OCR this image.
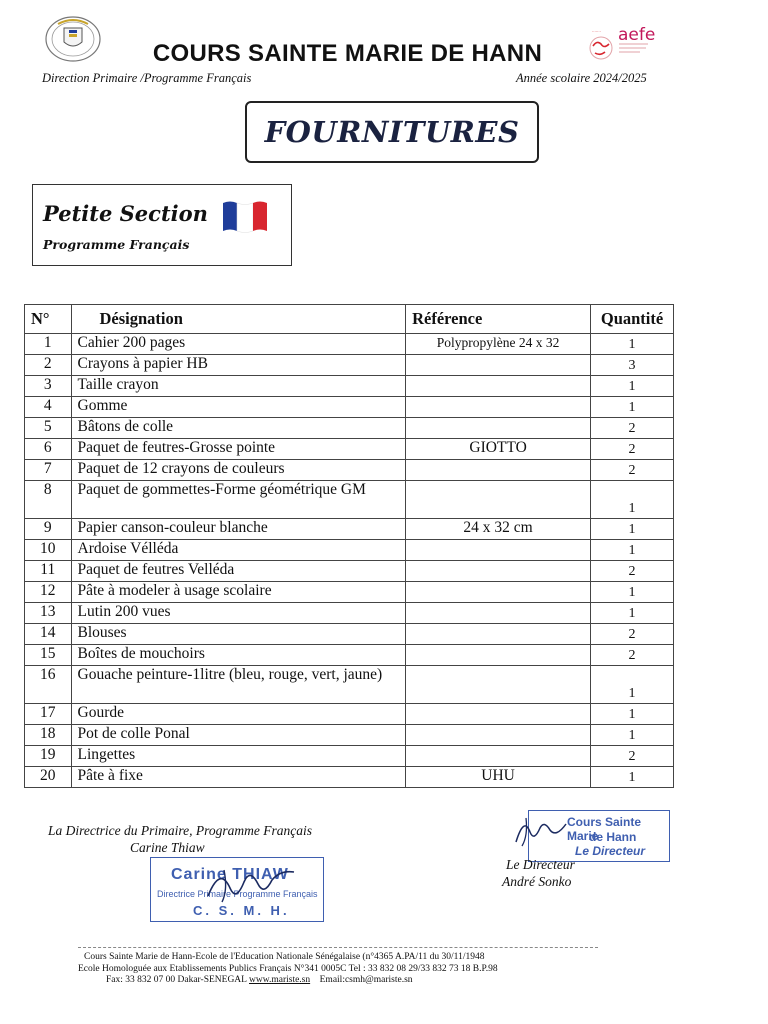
COURS SAINTE MARIE DE HANN
Direction Primaire /Programme Français	Année scolaire 2024/2025
....... aefe
FOURNITURES
Petite Section
Programme Français
N°	Désignation	Référence	Quantité
1	Cahier 200 pages	Polypropylène 24 x 32	1
2	Crayons à papier HB		3
3	Taille crayon		1
4	Gomme		1
5	Bâtons de colle		2
6	Paquet de feutres-Grosse pointe	GIOTTO	2
7	Paquet de 12 crayons de couleurs		2
8	Paquet de gommettes-Forme géométrique GM		1
9	Papier canson-couleur blanche	24 x 32 cm	1
10	Ardoise Vélléda		1
11	Paquet de feutres Velléda		2
12	Pâte à modeler à usage scolaire		1
13	Lutin 200 vues		1
14	Blouses		2
15	Boîtes de mouchoirs		2
16	Gouache peinture-1litre (bleu, rouge, vert, jaune)		1
17	Gourde		1
18	Pot de colle Ponal		1
19	Lingettes		2
20	Pâte à fixe	UHU	1
La Directrice du Primaire, Programme Français
Carine Thiaw
Carine THIAW
Directrice Primaire Programme Français
C. S. M. H.
Cours Sainte Marie
de Hann
Le Directeur
Le Directeur
André Sonko
Cours Sainte Marie de Hann-Ecole de l'Education Nationale Sénégalaise (n°4365 A.PA/11 du 30/11/1948
Ecole Homologuée aux Etablissements Publics Français N°341 0005C Tel : 33 832 08 29/33 832 73 18 B.P.98
Fax: 33 832 07 00 Dakar-SENEGAL www.mariste.sn Email:csmh@mariste.sn
